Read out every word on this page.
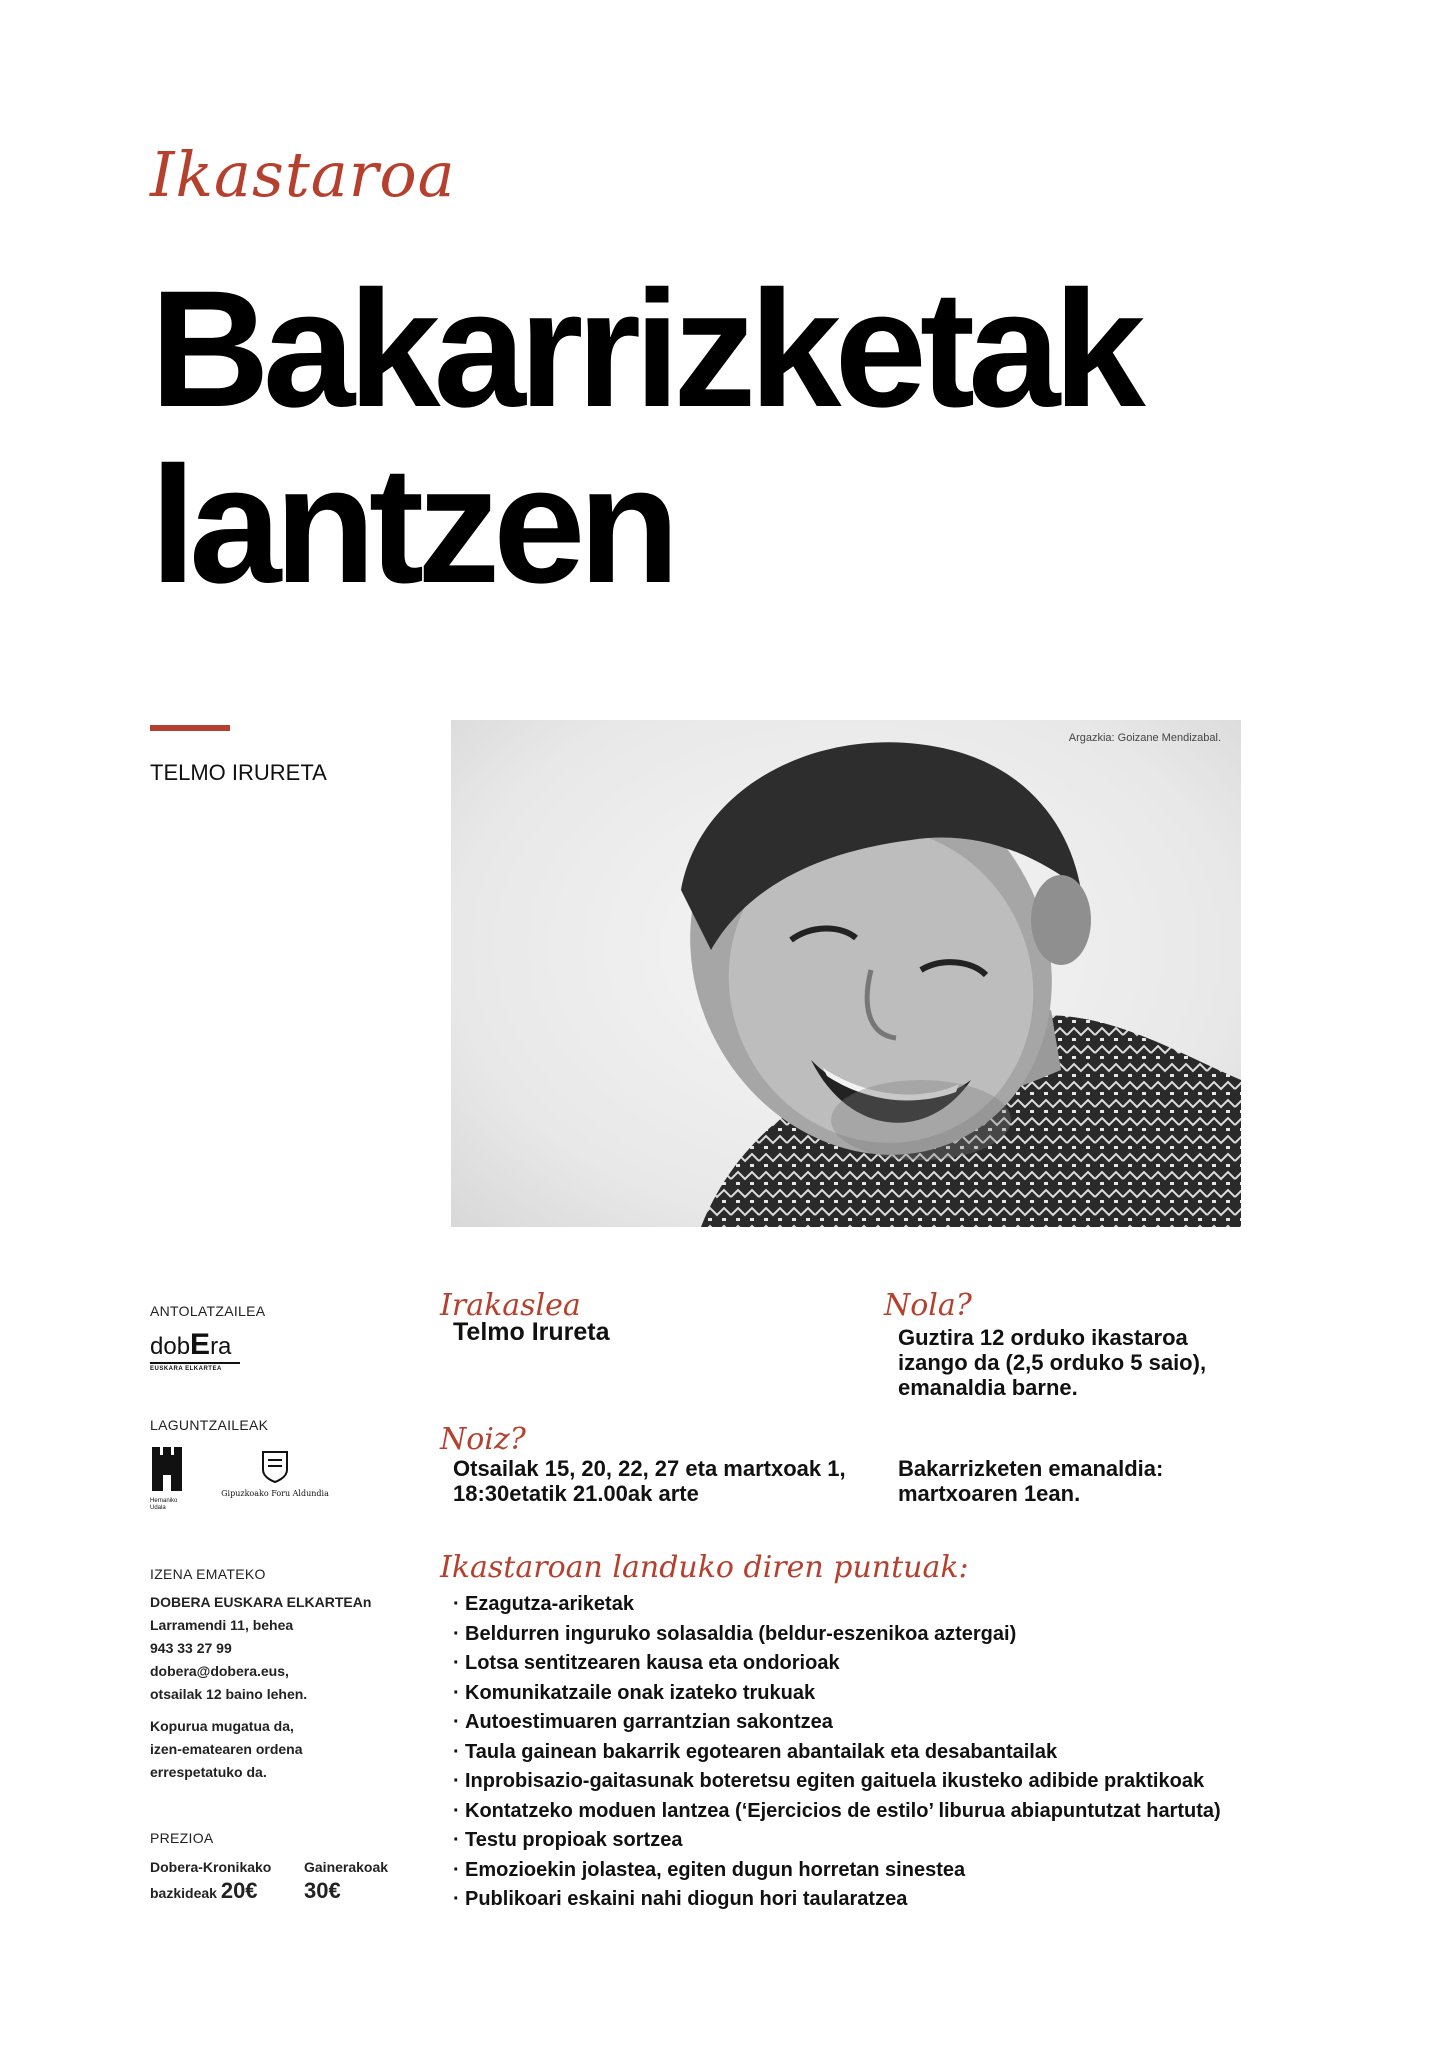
Ikastaroa
Bakarrizketak
lantzen
TELMO IRURETA
Argazkia: Goizane Mendizabal.
ANTOLATZAILEA
dobEra
EUSKARA ELKARTEA
LAGUNTZAILEAK
Hernaniko
Udala
Gipuzkoako Foru Aldundia
IZENA EMATEKO
DOBERA EUSKARA ELKARTEAn
Larramendi 11, behea
943 33 27 99
dobera@dobera.eus,
otsailak 12 baino lehen.
Kopurua mugatua da,
izen-ematearen ordena
errespetatuko da.
PREZIOA
Dobera-Kronikako
bazkideak 20€
Gainerakoak
30€
Irakaslea
Telmo Irureta
Nola?
Guztira 12 orduko ikastaroa
izango da (2,5 orduko 5 saio),
emanaldia barne.
Noiz?
Otsailak 15, 20, 22, 27 eta martxoak 1,
18:30etatik 21.00ak arte
Bakarrizketen emanaldia:
martxoaren 1ean.
Ikastaroan landuko diren puntuak:
· Ezagutza-ariketak
· Beldurren inguruko solasaldia (beldur-eszenikoa aztergai)
· Lotsa sentitzearen kausa eta ondorioak
· Komunikatzaile onak izateko trukuak
· Autoestimuaren garrantzian sakontzea
· Taula gainean bakarrik egotearen abantailak eta desabantailak
· Inprobisazio-gaitasunak boteretsu egiten gaituela ikusteko adibide praktikoak
· Kontatzeko moduen lantzea (‘Ejercicios de estilo’ liburua abiapuntutzat hartuta)
· Testu propioak sortzea
· Emozioekin jolastea, egiten dugun horretan sinestea
· Publikoari eskaini nahi diogun hori taularatzea
